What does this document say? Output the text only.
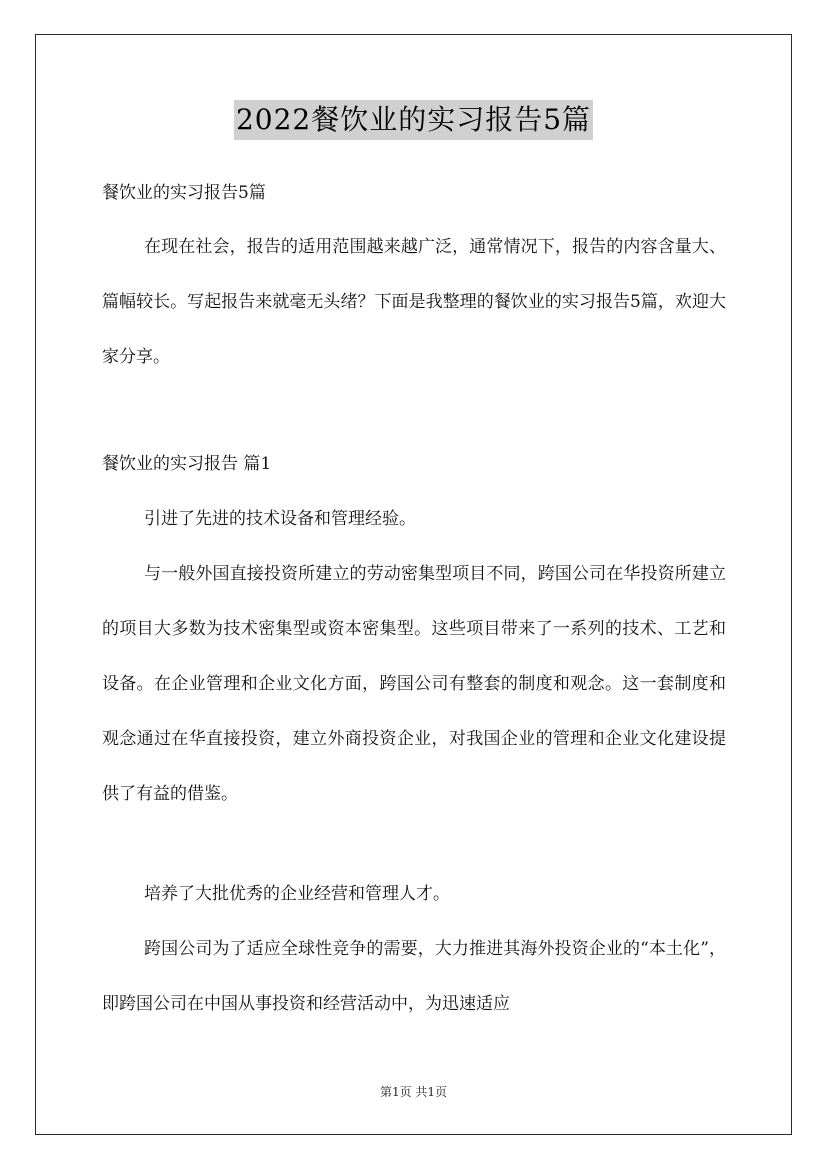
2022餐饮业的实习报告5篇

餐饮业的实习报告5篇

在现在社会，报告的适用范围越来越广泛，通常情况下，报告的内容含量大、篇幅较长。写起报告来就毫无头绪？下面是我整理的餐饮业的实习报告5篇，欢迎大家分享。

餐饮业的实习报告 篇1

引进了先进的技术设备和管理经验。

与一般外国直接投资所建立的劳动密集型项目不同，跨国公司在华投资所建立的项目大多数为技术密集型或资本密集型。这些项目带来了一系列的技术、工艺和设备。在企业管理和企业文化方面，跨国公司有整套的制度和观念。这一套制度和观念通过在华直接投资，建立外商投资企业，对我国企业的管理和企业文化建设提供了有益的借鉴。

培养了大批优秀的企业经营和管理人才。

跨国公司为了适应全球性竞争的需要，大力推进其海外投资企业的“本土化”，即跨国公司在中国从事投资和经营活动中，为迅速适应

第1页 共1页
